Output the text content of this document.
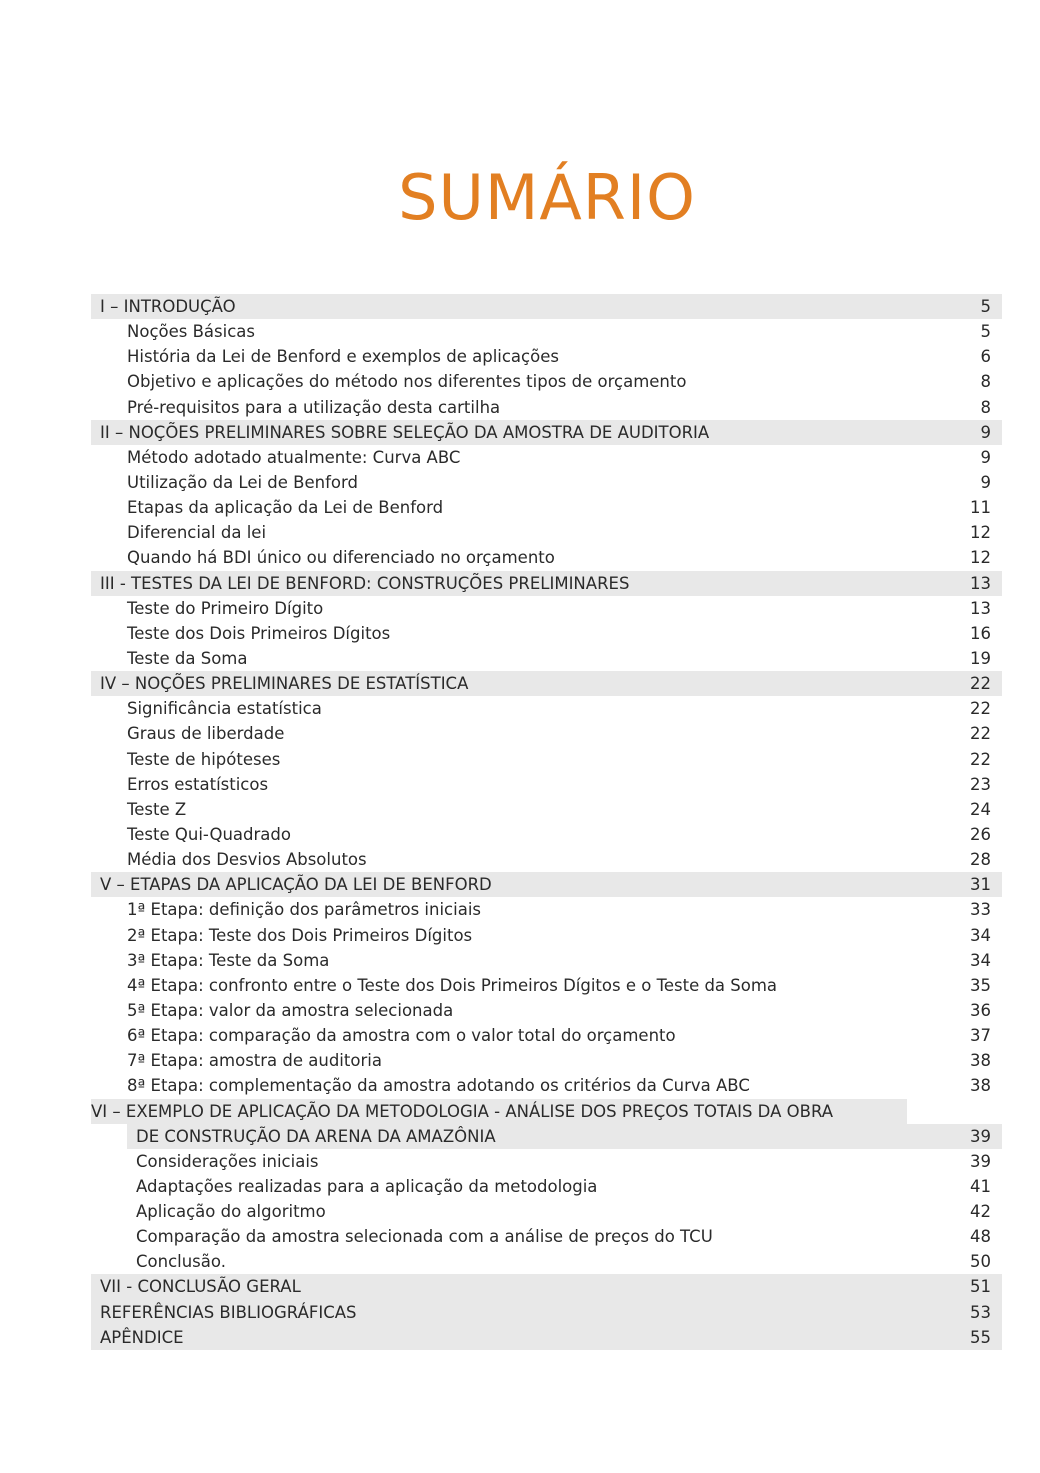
SUMÁRIO
I – INTRODUÇÃO	5
Noções Básicas	5
História da Lei de Benford e exemplos de aplicações	6
Objetivo e aplicações do método nos diferentes tipos de orçamento	8
Pré-requisitos para a utilização desta cartilha	8
II – NOÇÕES PRELIMINARES SOBRE SELEÇÃO DA AMOSTRA DE AUDITORIA	9
Método adotado atualmente: Curva ABC	9
Utilização da Lei de Benford	9
Etapas da aplicação da Lei de Benford	11
Diferencial da lei	12
Quando há BDI único ou diferenciado no orçamento	12
III - TESTES DA LEI DE BENFORD: CONSTRUÇÕES PRELIMINARES	13
Teste do Primeiro Dígito	13
Teste dos Dois Primeiros Dígitos	16
Teste da Soma	19
IV – NOÇÕES PRELIMINARES DE ESTATÍSTICA	22
Significância estatística	22
Graus de liberdade	22
Teste de hipóteses	22
Erros estatísticos	23
Teste Z	24
Teste Qui-Quadrado	26
Média dos Desvios Absolutos	28
V – ETAPAS DA APLICAÇÃO DA LEI DE BENFORD	31
1ª Etapa: definição dos parâmetros iniciais	33
2ª Etapa: Teste dos Dois Primeiros Dígitos	34
3ª Etapa: Teste da Soma	34
4ª Etapa: confronto entre o Teste dos Dois Primeiros Dígitos e o Teste da Soma	35
5ª Etapa: valor da amostra selecionada	36
6ª Etapa: comparação da amostra com o valor total do orçamento	37
7ª Etapa: amostra de auditoria	38
8ª Etapa: complementação da amostra adotando os critérios da Curva ABC	38
VI – EXEMPLO DE APLICAÇÃO DA METODOLOGIA - ANÁLISE DOS PREÇOS TOTAIS DA OBRA
DE CONSTRUÇÃO DA ARENA DA AMAZÔNIA	39
Considerações iniciais	39
Adaptações realizadas para a aplicação da metodologia	41
Aplicação do algoritmo	42
Comparação da amostra selecionada com a análise de preços do TCU	48
Conclusão.	50
VII - CONCLUSÃO GERAL	51
REFERÊNCIAS BIBLIOGRÁFICAS	53
APÊNDICE	55
